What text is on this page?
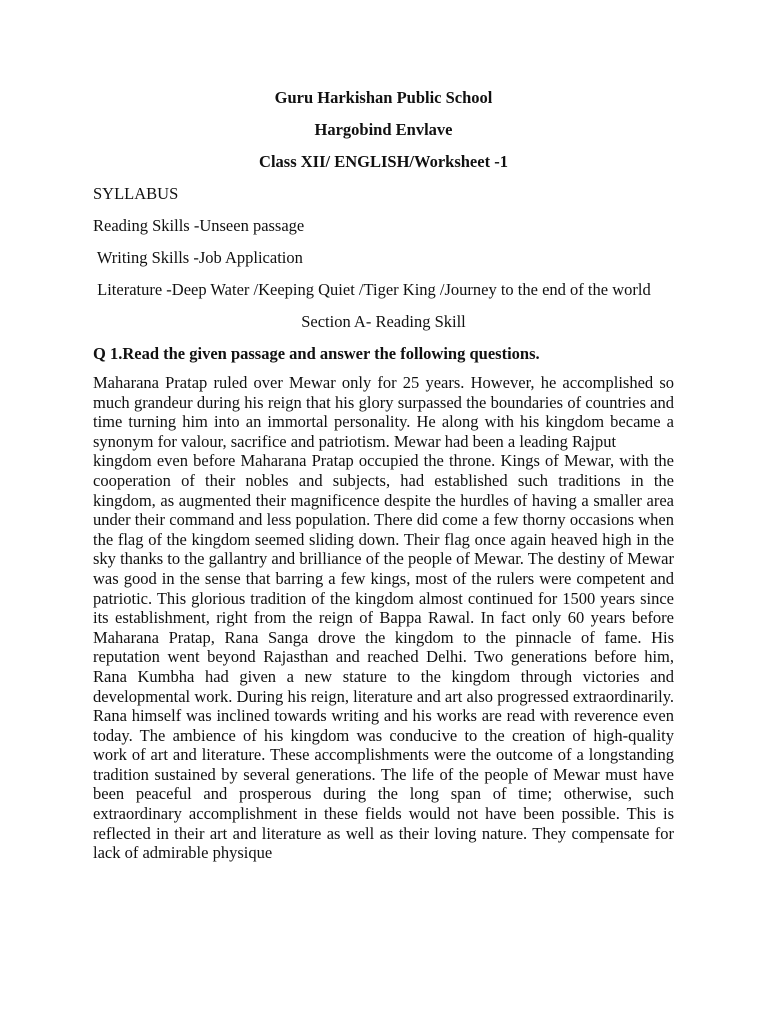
Guru Harkishan Public School

Hargobind Envlave

Class XII/ ENGLISH/Worksheet -1

SYLLABUS

Reading Skills -Unseen passage

Writing Skills -Job Application

Literature -Deep Water /Keeping Quiet /Tiger King /Journey to the end of the world

Section A- Reading Skill

Q 1.Read the given passage and answer the following questions.

Maharana Pratap ruled over Mewar only for 25 years. However, he accomplished so much grandeur during his reign that his glory surpassed the boundaries of countries and time turning him into an immortal personality. He along with his kingdom became a synonym for valour, sacrifice and patriotism. Mewar had been a leading Rajput
kingdom even before Maharana Pratap occupied the throne. Kings of Mewar, with the cooperation of their nobles and subjects, had established such traditions in the kingdom, as augmented their magnificence despite the hurdles of having a smaller area under their command and less population. There did come a few thorny occasions when the flag of the kingdom seemed sliding down. Their flag once again heaved high in the sky thanks to the gallantry and brilliance of the people of Mewar. The destiny of Mewar was good in the sense that barring a few kings, most of the rulers were competent and patriotic. This glorious tradition of the kingdom almost continued for 1500 years since its establishment, right from the reign of Bappa Rawal. In fact only 60 years before Maharana Pratap, Rana Sanga drove the kingdom to the pinnacle of fame. His reputation went beyond Rajasthan and reached Delhi. Two generations before him, Rana Kumbha had given a new stature to the kingdom through victories and developmental work. During his reign, literature and art also progressed extraordinarily. Rana himself was inclined towards writing and his works are read with reverence even today. The ambience of his kingdom was conducive to the creation of high-quality work of art and literature. These accomplishments were the outcome of a longstanding tradition sustained by several generations. The life of the people of Mewar must have been peaceful and prosperous during the long span of time; otherwise, such extraordinary accomplishment in these fields would not have been possible. This is reflected in their art and literature as well as their loving nature. They compensate for lack of admirable physique
